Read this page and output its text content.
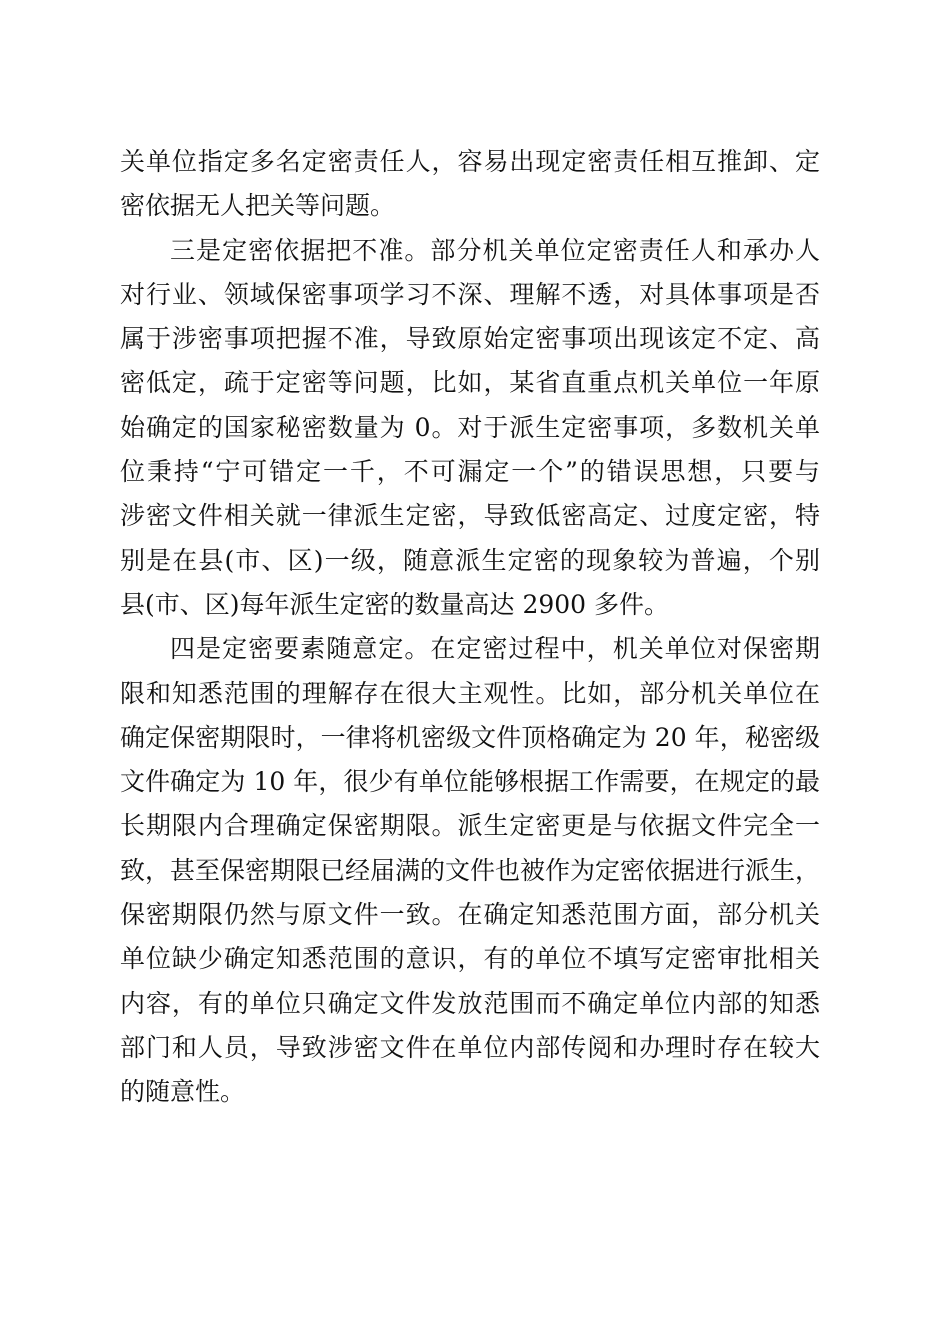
关单位指定多名定密责任人，容易出现定密责任相互推卸、定
密依据无人把关等问题。
三是定密依据把不准。部分机关单位定密责任人和承办人
对行业、领域保密事项学习不深、理解不透，对具体事项是否
属于涉密事项把握不准，导致原始定密事项出现该定不定、高
密低定，疏于定密等问题，比如，某省直重点机关单位一年原
始确定的国家秘密数量为 0。对于派生定密事项，多数机关单
位秉持“宁可错定一千，不可漏定一个”的错误思想，只要与
涉密文件相关就一律派生定密，导致低密高定、过度定密，特
别是在县(市、区)一级，随意派生定密的现象较为普遍，个别
县(市、区)每年派生定密的数量高达 2900 多件。
四是定密要素随意定。在定密过程中，机关单位对保密期
限和知悉范围的理解存在很大主观性。比如，部分机关单位在
确定保密期限时，一律将机密级文件顶格确定为 20 年，秘密级
文件确定为 10 年，很少有单位能够根据工作需要，在规定的最
长期限内合理确定保密期限。派生定密更是与依据文件完全一
致，甚至保密期限已经届满的文件也被作为定密依据进行派生，
保密期限仍然与原文件一致。在确定知悉范围方面，部分机关
单位缺少确定知悉范围的意识，有的单位不填写定密审批相关
内容，有的单位只确定文件发放范围而不确定单位内部的知悉
部门和人员，导致涉密文件在单位内部传阅和办理时存在较大
的随意性。
